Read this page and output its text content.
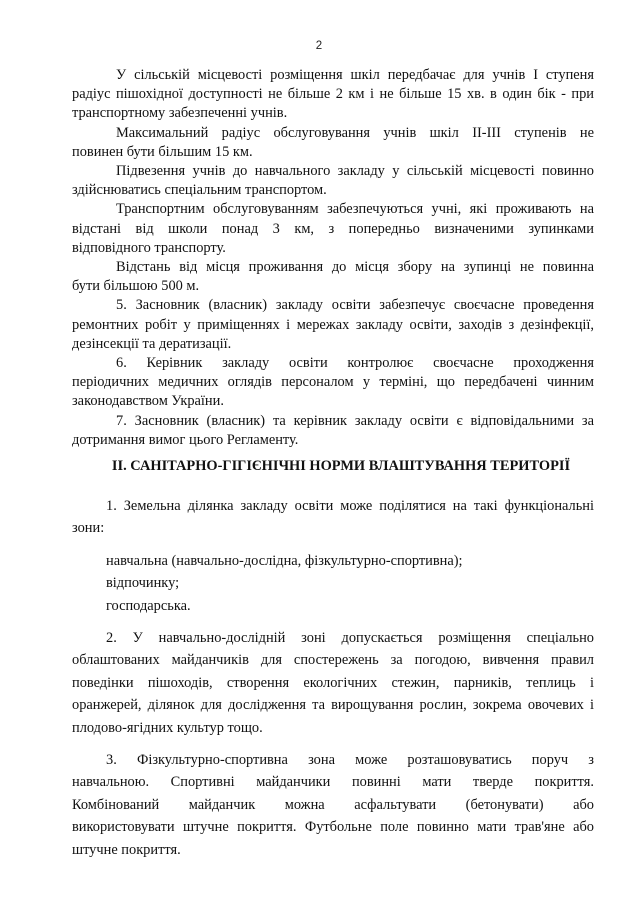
2
У сільській місцевості розміщення шкіл передбачає для учнів I ступеня
радіус пішохідної доступності не більше 2 км і не більше 15 хв. в один бік - при
транспортному забезпеченні учнів.
Максимальний радіус обслуговування учнів шкіл II-III ступенів не
повинен бути більшим 15 км.
Підвезення учнів до навчального закладу у сільській місцевості повинно
здійснюватись спеціальним транспортом.
Транспортним обслуговуванням забезпечуються учні, які проживають на
відстані від школи понад 3 км, з попередньо визначеними зупинками
відповідного транспорту.
Відстань від місця проживання до місця збору на зупинці не повинна
бути більшою 500 м.
5. Засновник (власник) закладу освіти забезпечує своєчасне проведення
ремонтних робіт у приміщеннях і мережах закладу освіти, заходів з дезінфекції,
дезінсекції та дератизації.
6. Керівник закладу освіти контролює своєчасне проходження
періодичних медичних оглядів персоналом у терміні, що передбачені чинним
законодавством України.
7. Засновник (власник) та керівник закладу освіти є відповідальними за
дотримання вимог цього Регламенту.
II. САНІТАРНО-ГІГІЄНІЧНІ НОРМИ ВЛАШТУВАННЯ ТЕРИТОРІЇ
1. Земельна ділянка закладу освіти може поділятися на такі функціональні
зони:
навчальна (навчально-дослідна, фізкультурно-спортивна);
відпочинку;
господарська.
2. У навчально-дослідній зоні допускається розміщення спеціально
облаштованих майданчиків для спостережень за погодою, вивчення правил
поведінки пішоходів, створення екологічних стежин, парників, теплиць і
оранжерей, ділянок для дослідження та вирощування рослин, зокрема овочевих і
плодово-ягідних культур тощо.
3. Фізкультурно-спортивна зона може розташовуватись поруч з
навчальною. Спортивні майданчики повинні мати тверде покриття.
Комбінований майданчик можна асфальтувати (бетонувати) або
використовувати штучне покриття. Футбольне поле повинно мати трав'яне або
штучне покриття.
